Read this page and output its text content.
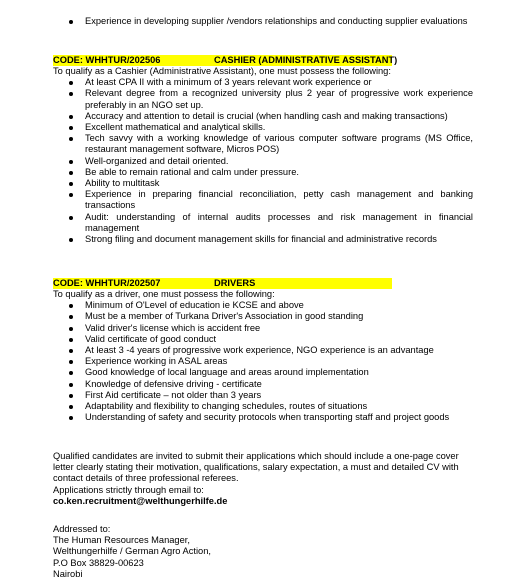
Experience in developing supplier /vendors relationships and conducting supplier evaluations
CODE: WHHTUR/202506	CASHIER (ADMINISTRATIVE ASSISTANT)
To qualify as a Cashier (Administrative Assistant), one must possess the following:
At least CPA II with a minimum of 3 years relevant work experience or
Relevant degree from a recognized university plus 2 year of progressive work experience preferably in an NGO set up.
Accuracy and attention to detail is crucial (when handling cash and making transactions)
Excellent mathematical and analytical skills.
Tech savvy with a working knowledge of various computer software programs (MS Office, restaurant management software, Micros POS)
Well-organized and detail oriented.
Be able to remain rational and calm under pressure.
Ability to multitask
Experience in preparing financial reconciliation, petty cash management and banking transactions
Audit: understanding of internal audits processes and risk management in financial management
Strong filing and document management skills for financial and administrative records
CODE: WHHTUR/202507	DRIVERS
To qualify as a driver, one must possess the following:
Minimum of O'Level of education ie KCSE and above
Must be a member of Turkana Driver's Association in good standing
Valid driver's license which is accident free
Valid certificate of good conduct
At least 3 -4 years of progressive work experience, NGO experience is an advantage
Experience working in ASAL areas
Good knowledge of local language and areas around implementation
Knowledge of defensive driving - certificate
First Aid certificate – not older than 3 years
Adaptability and flexibility to changing schedules, routes of situations
Understanding of safety and security protocols when transporting staff and project goods
Qualified candidates are invited to submit their applications which should include a one-page cover letter clearly stating their motivation, qualifications, salary expectation, a must and detailed CV with contact details of three professional referees.
Applications strictly through email to:
co.ken.recruitment@welthungerhilfe.de
Addressed to:
The Human Resources Manager,
Welthungerhilfe / German Agro Action,
P.O Box 38829-00623
Nairobi
